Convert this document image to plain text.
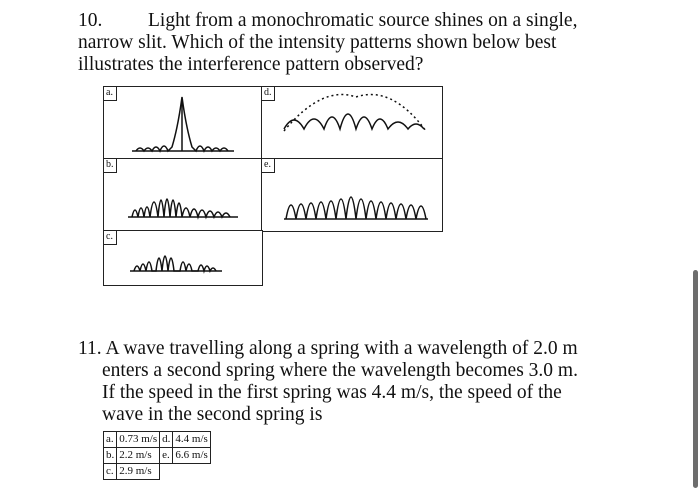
10. Light from a monochromatic source shines on a single,
narrow slit. Which of the intensity patterns shown below best
illustrates the interference pattern observed?
a.	d.
b.	e.
c.
11. A wave travelling along a spring with a wavelength of 2.0 m
enters a second spring where the wavelength becomes 3.0 m.
If the speed in the first spring was 4.4 m/s, the speed of the
wave in the second spring is
a.	0.73 m/s	d.	4.4 m/s
b.	2.2 m/s	e.	6.6 m/s
c.	2.9 m/s		
